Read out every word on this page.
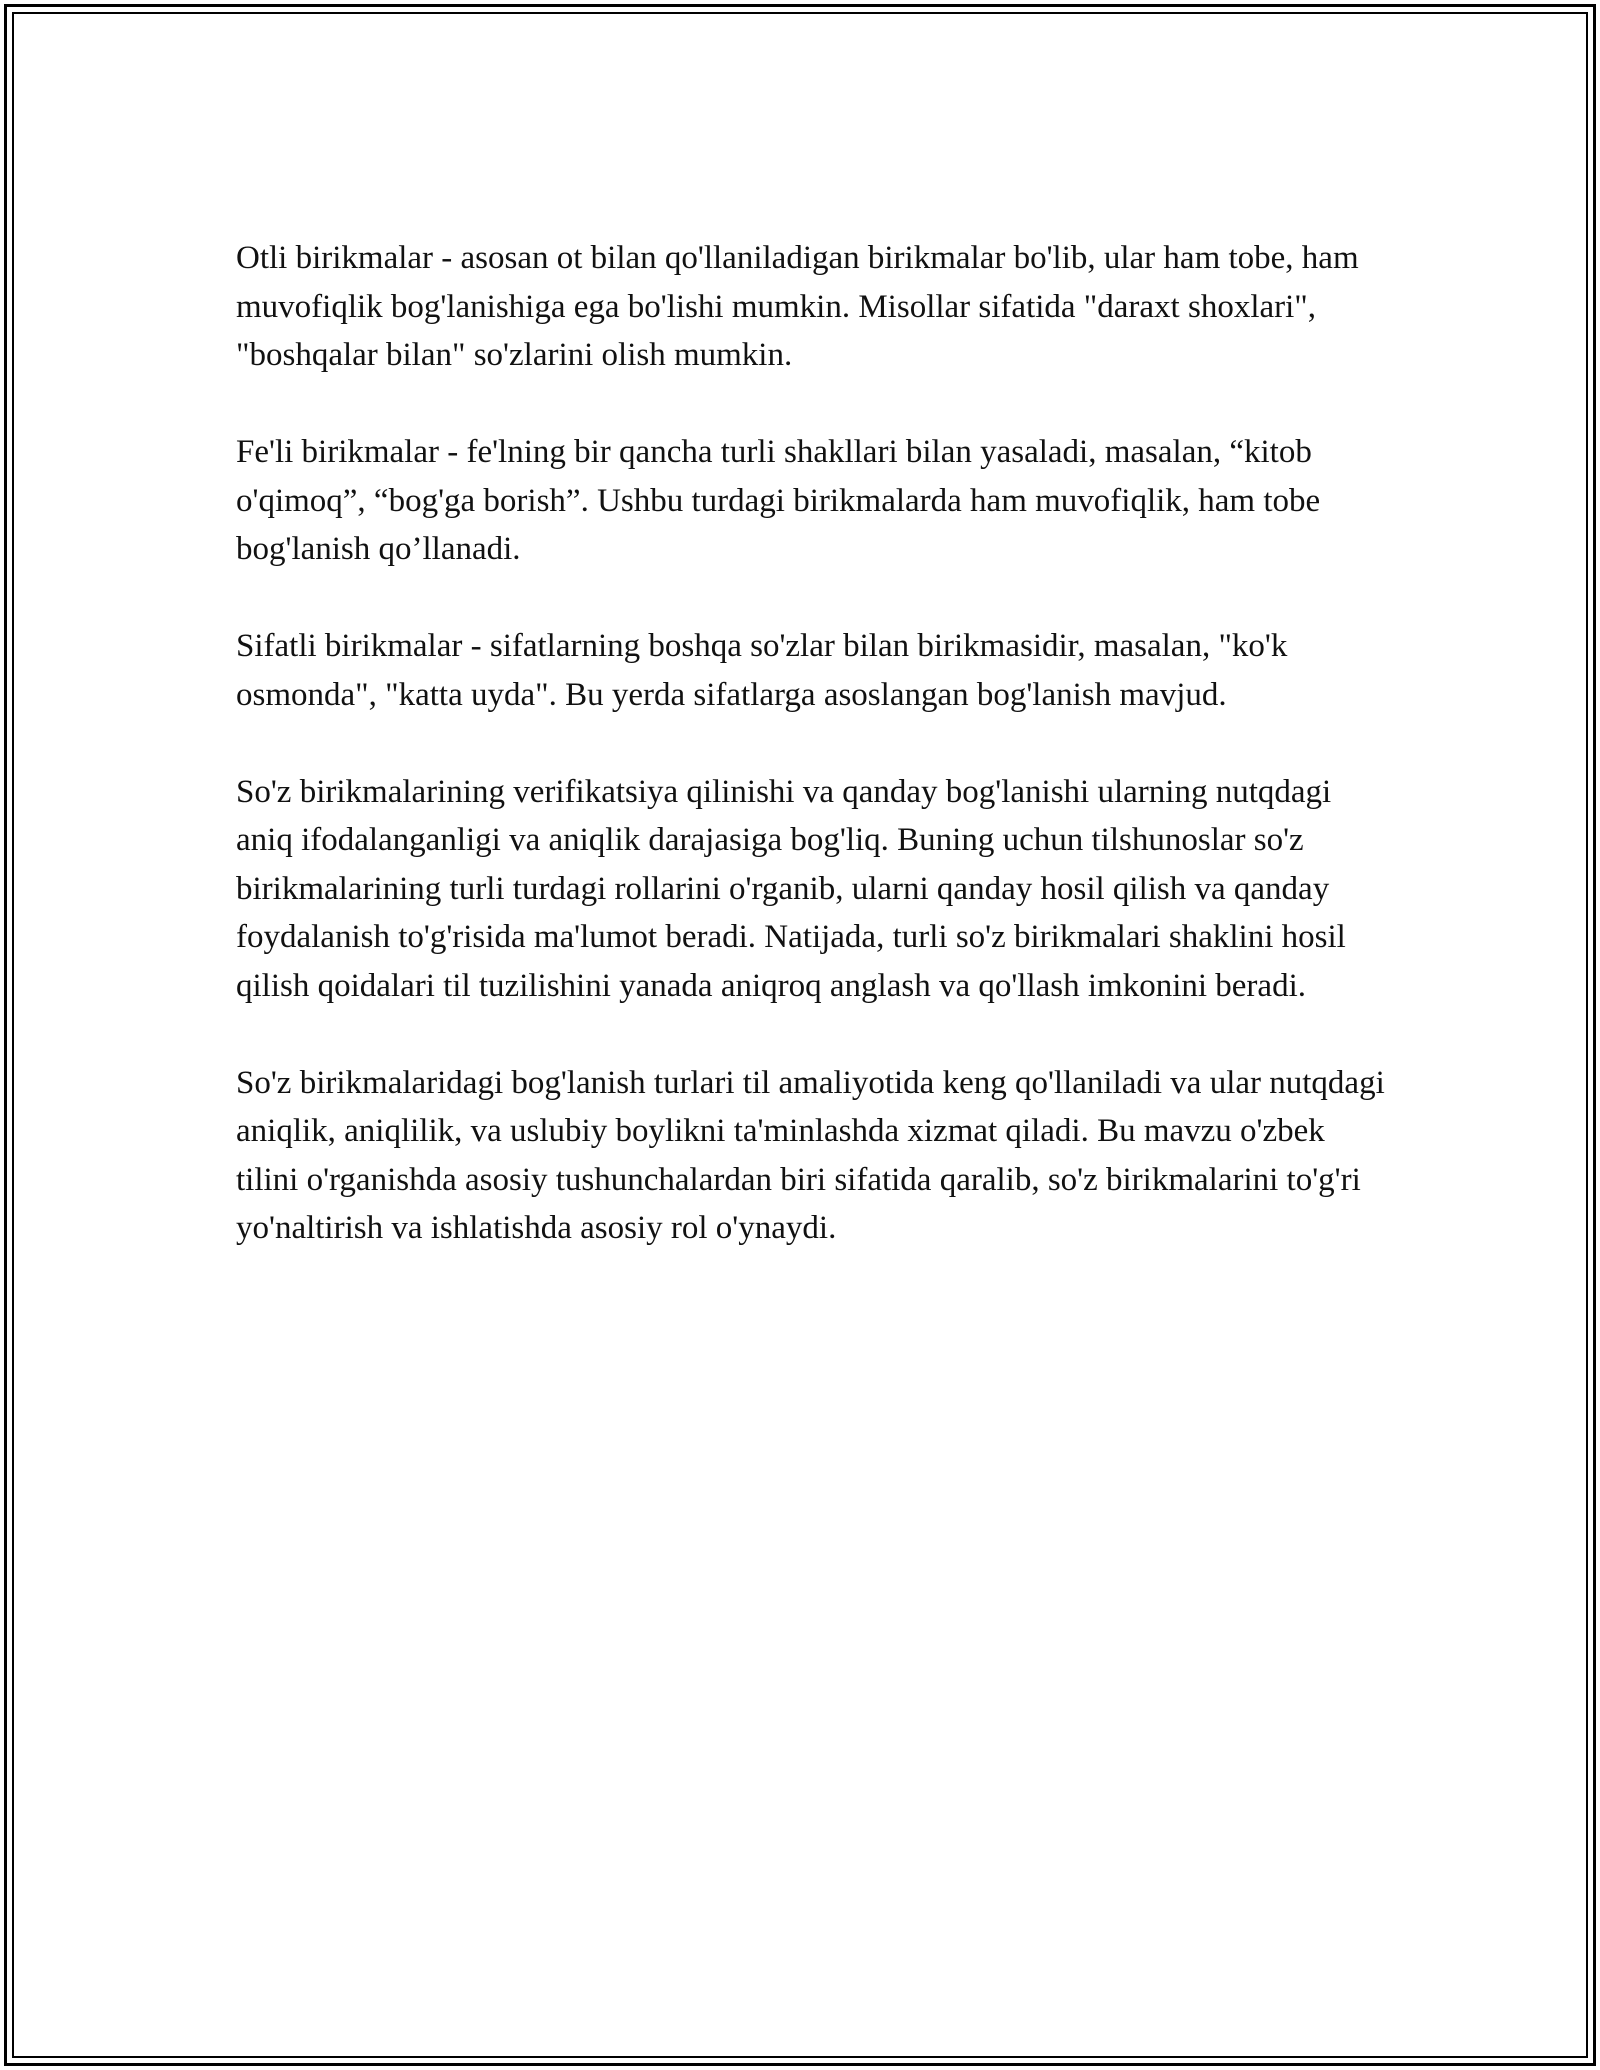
Otli birikmalar - asosan ot bilan qo'llaniladigan birikmalar bo'lib, ular ham tobe, ham muvofiqlik bog'lanishiga ega bo'lishi mumkin. Misollar sifatida "daraxt shoxlari", "boshqalar bilan" so'zlarini olish mumkin.

Fe'li birikmalar - fe'lning bir qancha turli shakllari bilan yasaladi, masalan, “kitob o'qimoq”, “bog'ga borish”. Ushbu turdagi birikmalarda ham muvofiqlik, ham tobe bog'lanish qo’llanadi.

Sifatli birikmalar - sifatlarning boshqa so'zlar bilan birikmasidir, masalan, "ko'k osmonda", "katta uyda". Bu yerda sifatlarga asoslangan bog'lanish mavjud.

So'z birikmalarining verifikatsiya qilinishi va qanday bog'lanishi ularning nutqdagi aniq ifodalanganligi va aniqlik darajasiga bog'liq. Buning uchun tilshunoslar so'z birikmalarining turli turdagi rollarini o'rganib, ularni qanday hosil qilish va qanday foydalanish to'g'risida ma'lumot beradi. Natijada, turli so'z birikmalari shaklini hosil qilish qoidalari til tuzilishini yanada aniqroq anglash va qo'llash imkonini beradi.

So'z birikmalaridagi bog'lanish turlari til amaliyotida keng qo'llaniladi va ular nutqdagi aniqlik, aniqlilik, va uslubiy boylikni ta'minlashda xizmat qiladi. Bu mavzu o'zbek tilini o'rganishda asosiy tushunchalardan biri sifatida qaralib, so'z birikmalarini to'g'ri yo'naltirish va ishlatishda asosiy rol o'ynaydi.
